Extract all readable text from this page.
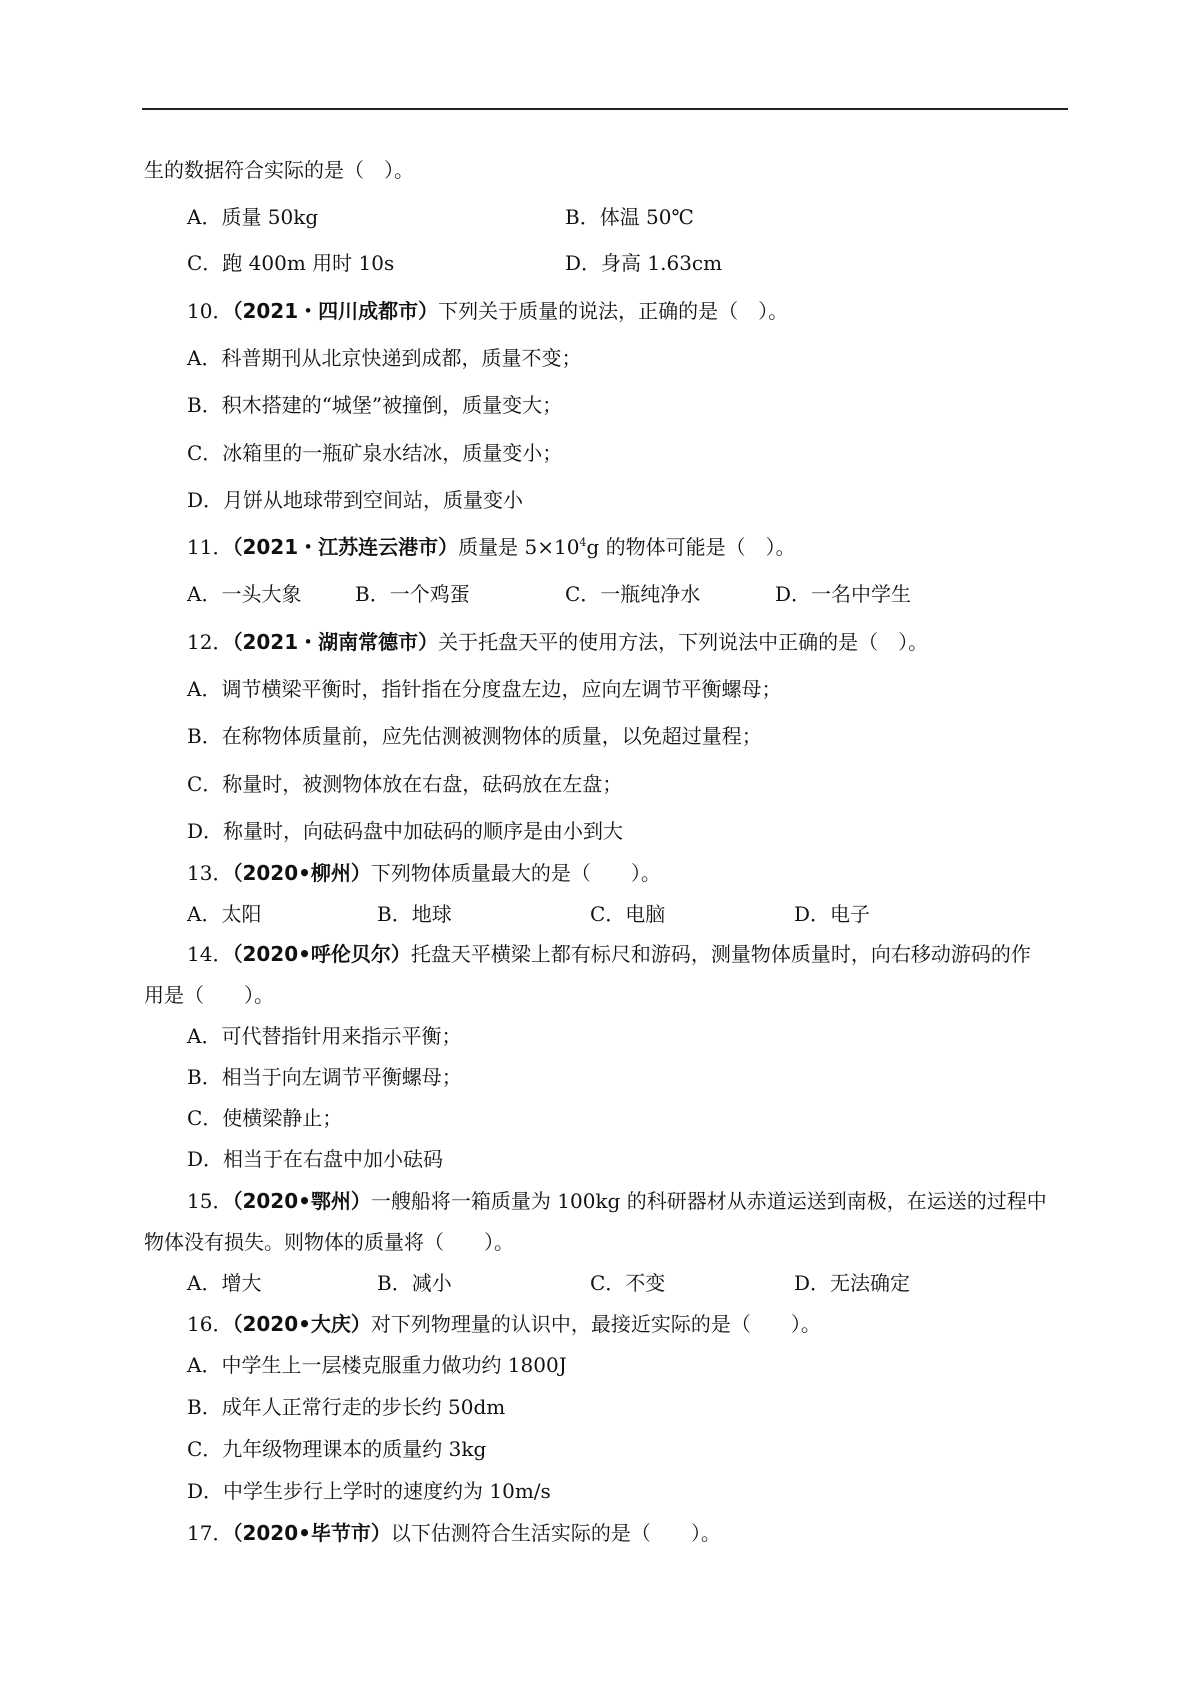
生的数据符合实际的是（　）。
A．质量 50kg	B．体温 50℃
C．跑 400m 用时 10s	D．身高 1.63cm
10．（2021・四川成都市）下列关于质量的说法，正确的是（　）。
A．科普期刊从北京快递到成都，质量不变；
B．积木搭建的“城堡”被撞倒，质量变大；
C．冰箱里的一瓶矿泉水结冰，质量变小；
D．月饼从地球带到空间站，质量变小
11．（2021・江苏连云港市）质量是 $5\times 10^4g$ 的物体可能是（　）。
A．一头大象	B．一个鸡蛋	C．一瓶纯净水	D．一名中学生
12．（2021・湖南常德市）关于托盘天平的使用方法，下列说法中正确的是（　）。
A．调节横梁平衡时，指针指在分度盘左边，应向左调节平衡螺母；
B．在称物体质量前，应先估测被测物体的质量，以免超过量程；
C．称量时，被测物体放在右盘，砝码放在左盘；
D．称量时，向砝码盘中加砝码的顺序是由小到大
13．（2020•柳州）下列物体质量最大的是（　　）。
A．太阳	B．地球	C．电脑	D．电子
14．（2020•呼伦贝尔）托盘天平横梁上都有标尺和游码，测量物体质量时，向右移动游码的作
用是（　　）。
A．可代替指针用来指示平衡；
B．相当于向左调节平衡螺母；
C．使横梁静止；
D．相当于在右盘中加小砝码
15．（2020•鄂州）一艘船将一箱质量为 100kg 的科研器材从赤道运送到南极，在运送的过程中
物体没有损失。则物体的质量将（　　）。
A．增大	B．减小	C．不变	D．无法确定
16．（2020•大庆）对下列物理量的认识中，最接近实际的是（　　）。
A．中学生上一层楼克服重力做功约 1800J
B．成年人正常行走的步长约 50dm
C．九年级物理课本的质量约 3kg
D．中学生步行上学时的速度约为 10m/s
17．（2020•毕节市）以下估测符合生活实际的是（　　）。
